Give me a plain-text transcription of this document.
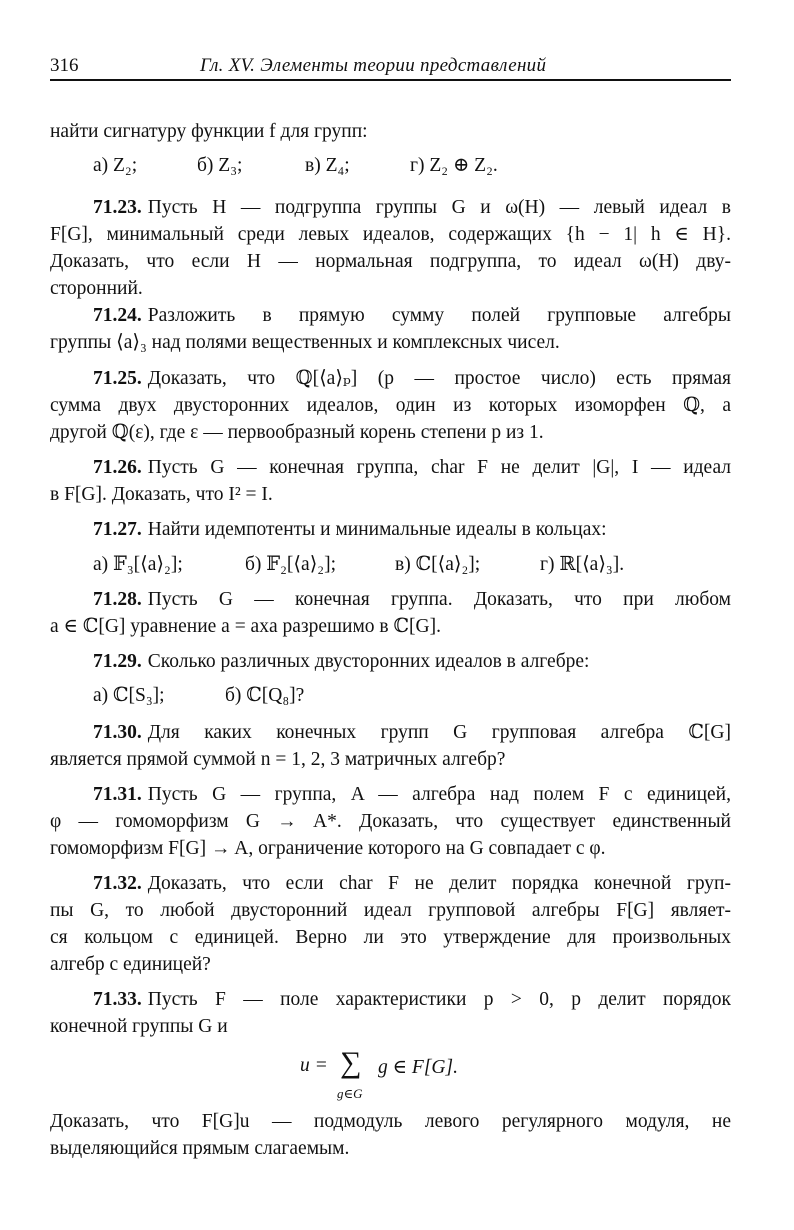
316	Гл. XV. Элементы теории представлений
найти сигнатуру функции f для групп:
а) Z₂;	б) Z₃;	в) Z₄;	г) Z₂ ⊕ Z₂.
71.23. Пусть H — подгруппа группы G и ω(H) — левый идеал в
F[G], минимальный среди левых идеалов, содержащих {h − 1| h ∈ H}.
Доказать, что если H — нормальная подгруппа, то идеал ω(H) дву-
сторонний.
71.24. Разложить в прямую сумму полей групповые алгебры
группы ⟨a⟩₃ над полями вещественных и комплексных чисел.
71.25. Доказать, что ℚ[⟨a⟩ₚ] (p — простое число) есть прямая
сумма двух двусторонних идеалов, один из которых изоморфен ℚ, а
другой ℚ(ε), где ε — первообразный корень степени p из 1.
71.26. Пусть G — конечная группа, char F не делит |G|, I — идеал
в F[G]. Доказать, что I² = I.
71.27. Найти идемпотенты и минимальные идеалы в кольцах:
а) 𝔽₃[⟨a⟩₂];	б) 𝔽₂[⟨a⟩₂];	в) ℂ[⟨a⟩₂];	г) ℝ[⟨a⟩₃].
71.28. Пусть G — конечная группа. Доказать, что при любом
a ∈ ℂ[G] уравнение a = axa разрешимо в ℂ[G].
71.29. Сколько различных двусторонних идеалов в алгебре:
а) ℂ[S₃];	б) ℂ[Q₈]?
71.30. Для каких конечных групп G групповая алгебра ℂ[G]
является прямой суммой n = 1, 2, 3 матричных алгебр?
71.31. Пусть G — группа, A — алгебра над полем F с единицей,
φ — гомоморфизм G → A*. Доказать, что существует единственный
гомоморфизм F[G] → A, ограничение которого на G совпадает с φ.
71.32. Доказать, что если char F не делит порядка конечной груп-
пы G, то любой двусторонний идеал групповой алгебры F[G] являет-
ся кольцом с единицей. Верно ли это утверждение для произвольных
алгебр с единицей?
71.33. Пусть F — поле характеристики p > 0, p делит порядок
конечной группы G и
Доказать, что F[G]u — подмодуль левого регулярного модуля, не
выделяющийся прямым слагаемым.
u = ∑
g∈G
g ∈ F[G].
